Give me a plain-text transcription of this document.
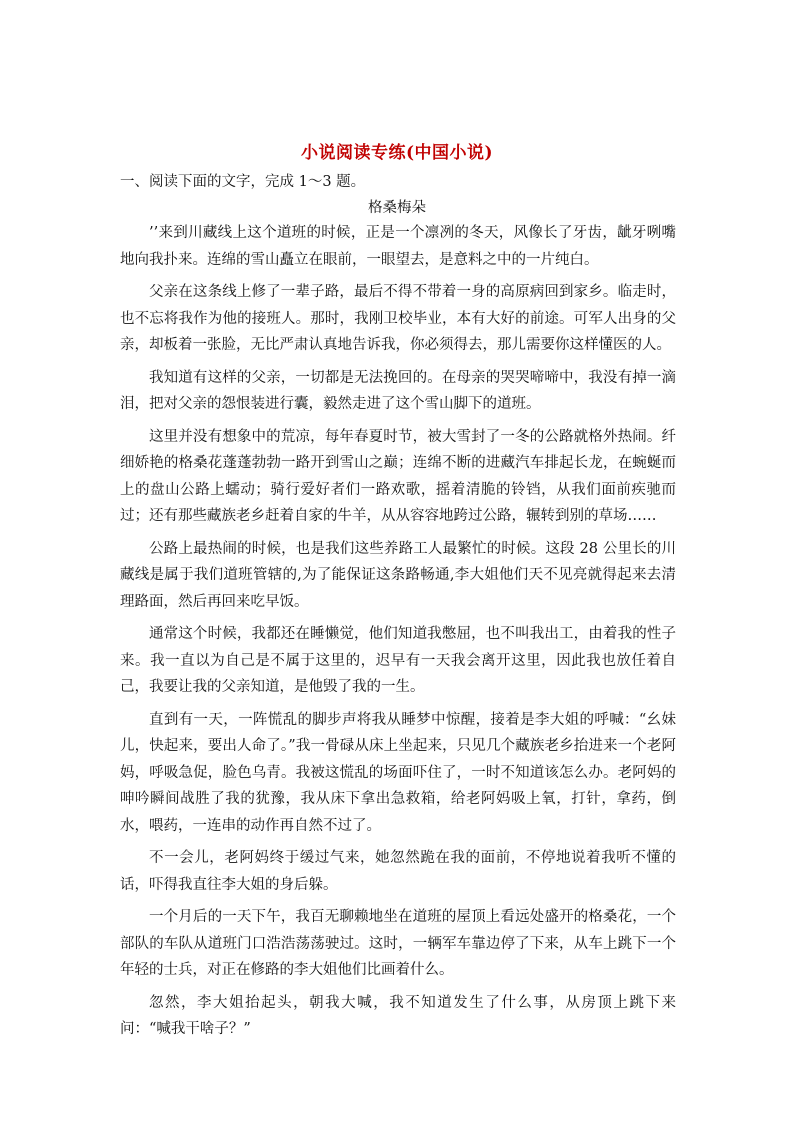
小说阅读专练(中国小说)
一、阅读下面的文字，完成 1～3 题。
格桑梅朵

’’来到川藏线上这个道班的时候，正是一个凛冽的冬天，风像长了牙齿，龇牙咧嘴地向我扑来。连绵的雪山矗立在眼前，一眼望去，是意料之中的一片纯白。

父亲在这条线上修了一辈子路，最后不得不带着一身的高原病回到家乡。临走时，也不忘将我作为他的接班人。那时，我刚卫校毕业，本有大好的前途。可军人出身的父亲，却板着一张脸，无比严肃认真地告诉我，你必须得去，那儿需要你这样懂医的人。

我知道有这样的父亲，一切都是无法挽回的。在母亲的哭哭啼啼中，我没有掉一滴泪，把对父亲的怨恨装进行囊，毅然走进了这个雪山脚下的道班。

这里并没有想象中的荒凉，每年春夏时节，被大雪封了一冬的公路就格外热闹。纤细娇艳的格桑花蓬蓬勃勃一路开到雪山之巅；连绵不断的进藏汽车排起长龙，在蜿蜒而上的盘山公路上蠕动；骑行爱好者们一路欢歌，摇着清脆的铃铛，从我们面前疾驰而过；还有那些藏族老乡赶着自家的牛羊，从从容容地跨过公路，辗转到别的草场……

公路上最热闹的时候，也是我们这些养路工人最繁忙的时候。这段 28 公里长的川藏线是属于我们道班管辖的,为了能保证这条路畅通,李大姐他们天不见亮就得起来去清理路面，然后再回来吃早饭。

通常这个时候，我都还在睡懒觉，他们知道我憋屈，也不叫我出工，由着我的性子来。我一直以为自己是不属于这里的，迟早有一天我会离开这里，因此我也放任着自己，我要让我的父亲知道，是他毁了我的一生。

直到有一天，一阵慌乱的脚步声将我从睡梦中惊醒，接着是李大姐的呼喊：“幺妹儿，快起来，要出人命了。”我一骨碌从床上坐起来，只见几个藏族老乡抬进来一个老阿妈，呼吸急促，脸色乌青。我被这慌乱的场面吓住了，一时不知道该怎么办。老阿妈的呻吟瞬间战胜了我的犹豫，我从床下拿出急救箱，给老阿妈吸上氧，打针，拿药，倒水，喂药，一连串的动作再自然不过了。

不一会儿，老阿妈终于缓过气来，她忽然跪在我的面前，不停地说着我听不懂的话，吓得我直往李大姐的身后躲。

一个月后的一天下午，我百无聊赖地坐在道班的屋顶上看远处盛开的格桑花，一个部队的车队从道班门口浩浩荡荡驶过。这时，一辆军车靠边停了下来，从车上跳下一个年轻的士兵，对正在修路的李大姐他们比画着什么。

忽然，李大姐抬起头，朝我大喊，我不知道发生了什么事，从房顶上跳下来问：“喊我干啥子？”
